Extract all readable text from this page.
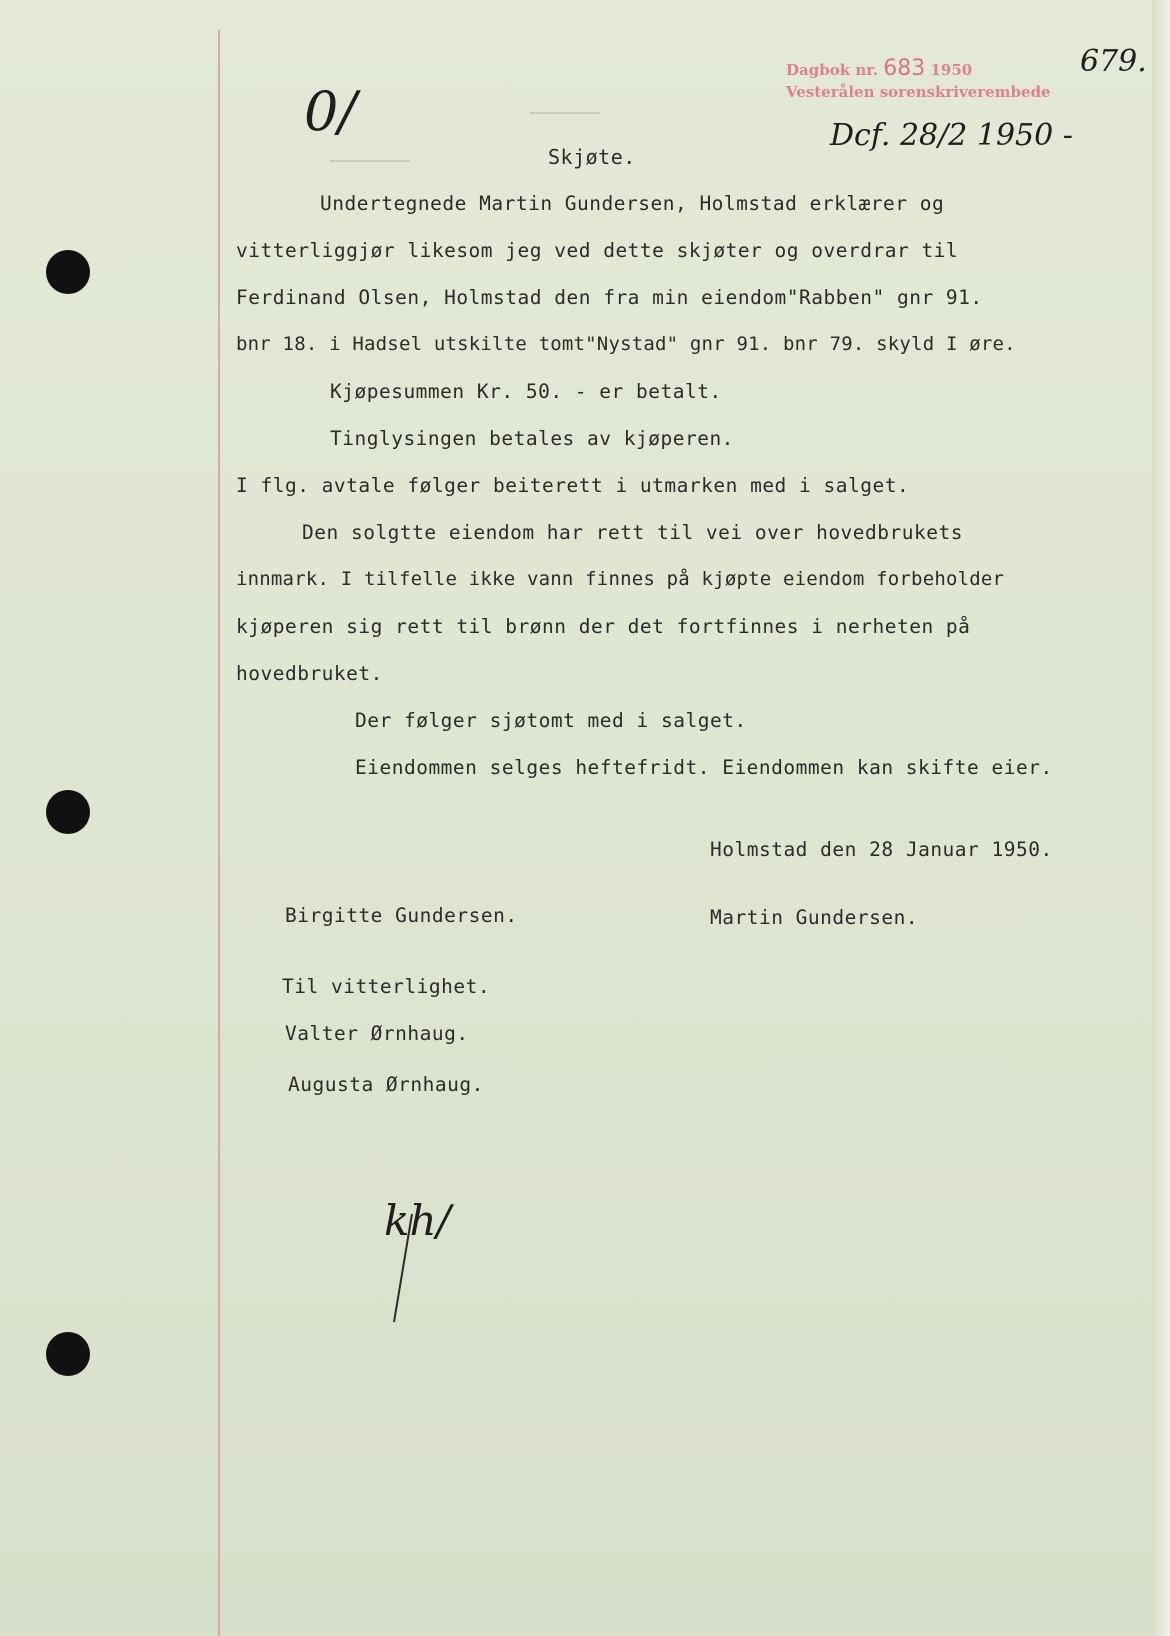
Dagbok nr. 683 1950
Vesterålen sorenskriverembede
679.
0/	Dcf. 28/2 1950 -
Skjøte.
Undertegnede Martin Gundersen, Holmstad erklærer og
vitterliggjør likesom jeg ved dette skjøter og overdrar til
Ferdinand Olsen, Holmstad den fra min eiendom"Rabben" gnr 91.
bnr 18. i Hadsel utskilte tomt"Nystad" gnr 91. bnr 79. skyld I øre.
Kjøpesummen Kr. 50. - er betalt.
Tinglysingen betales av kjøperen.
I flg. avtale følger beiterett i utmarken med i salget.
Den solgtte eiendom har rett til vei over hovedbrukets
innmark. I tilfelle ikke vann finnes på kjøpte eiendom forbeholder
kjøperen sig rett til brønn der det fortfinnes i nerheten på
hovedbruket.
Der følger sjøtomt med i salget.
Eiendommen selges heftefridt. Eiendommen kan skifte eier.
Holmstad den 28 Januar 1950.
Birgitte Gundersen.	Martin Gundersen.
Til vitterlighet.
Valter Ørnhaug.
Augusta Ørnhaug.
kh/
